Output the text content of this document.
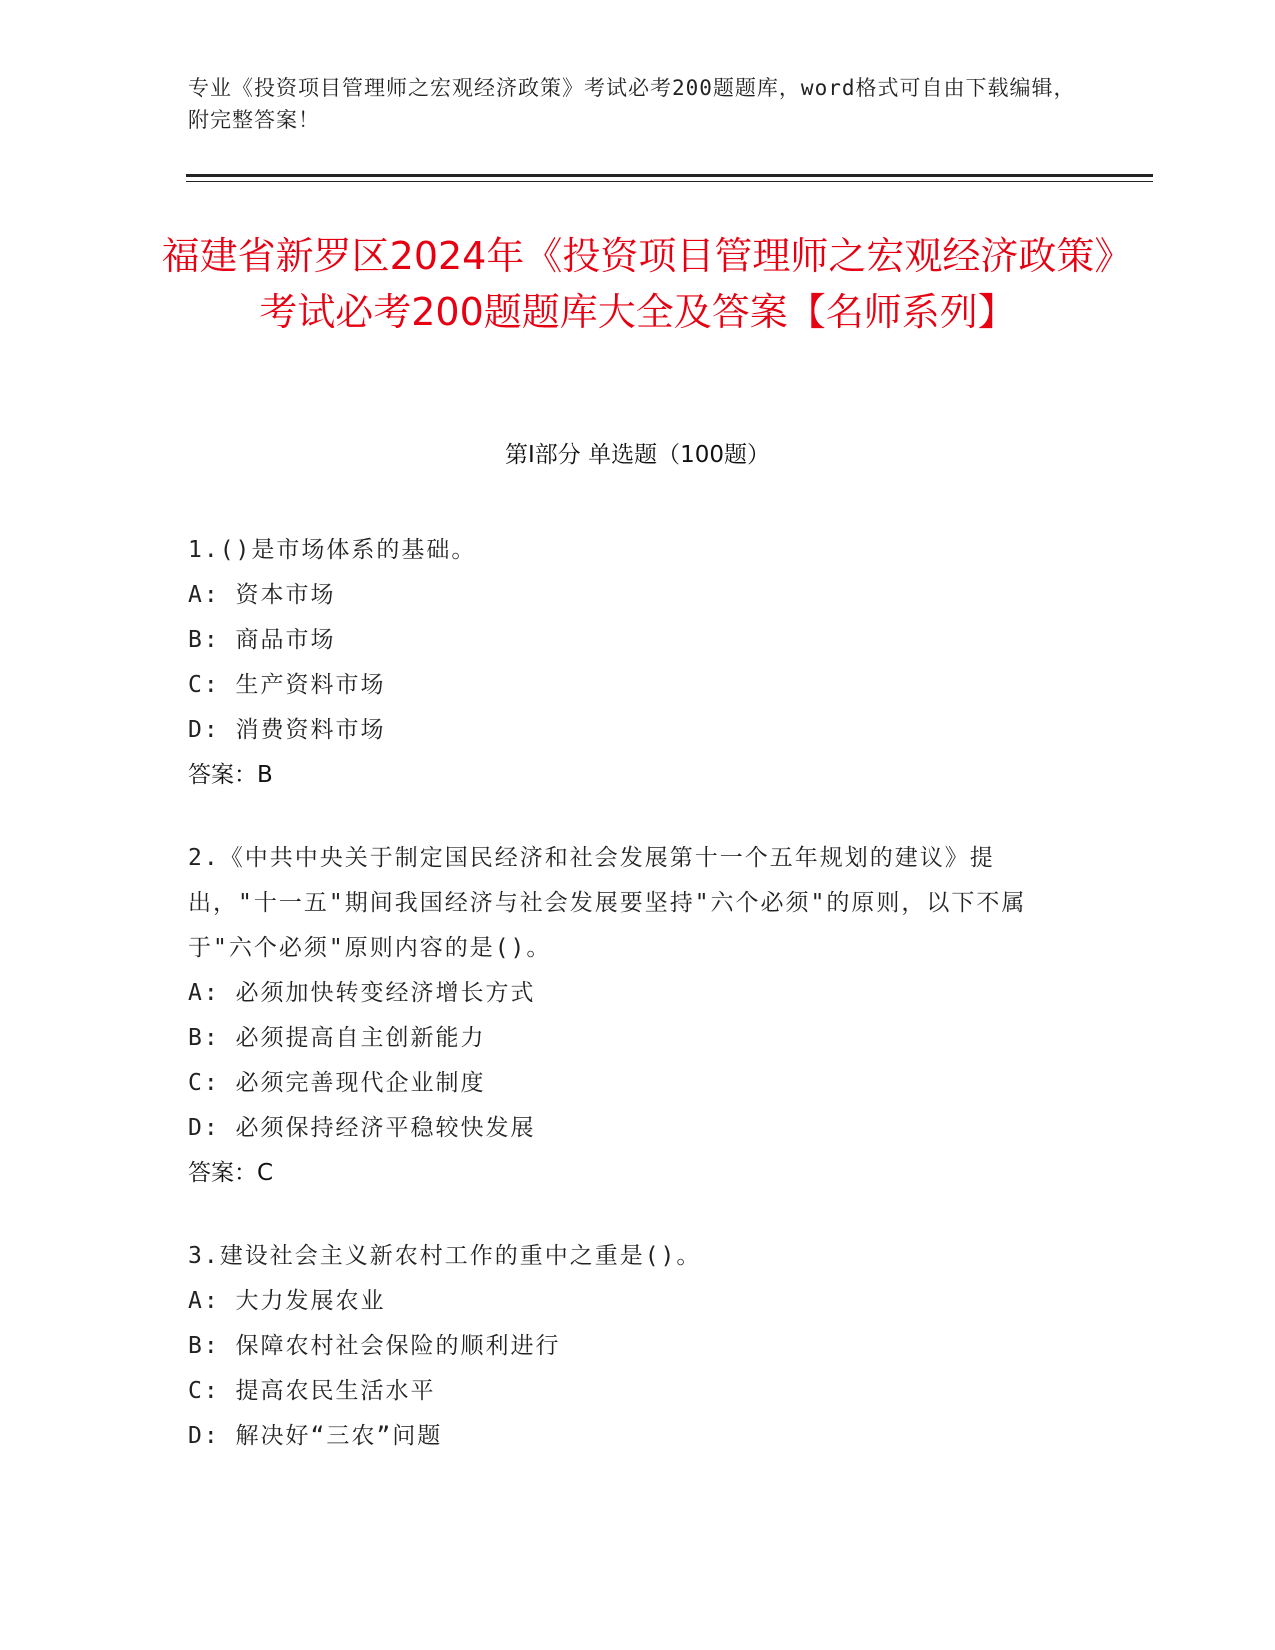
专业《投资项目管理师之宏观经济政策》考试必考200题题库，word格式可自由下载编辑，附完整答案！
福建省新罗区2024年《投资项目管理师之宏观经济政策》考试必考200题题库大全及答案【名师系列】
第Ⅰ部分 单选题（100题）
1.()是市场体系的基础。
A: 资本市场
B: 商品市场
C: 生产资料市场
D: 消费资料市场
答案：B
2.《中共中央关于制定国民经济和社会发展第十一个五年规划的建议》提出，"十一五"期间我国经济与社会发展要坚持"六个必须"的原则，以下不属于"六个必须"原则内容的是()。
A: 必须加快转变经济增长方式
B: 必须提高自主创新能力
C: 必须完善现代企业制度
D: 必须保持经济平稳较快发展
答案：C
3.建设社会主义新农村工作的重中之重是()。
A: 大力发展农业
B: 保障农村社会保险的顺利进行
C: 提高农民生活水平
D: 解决好“三农”问题
